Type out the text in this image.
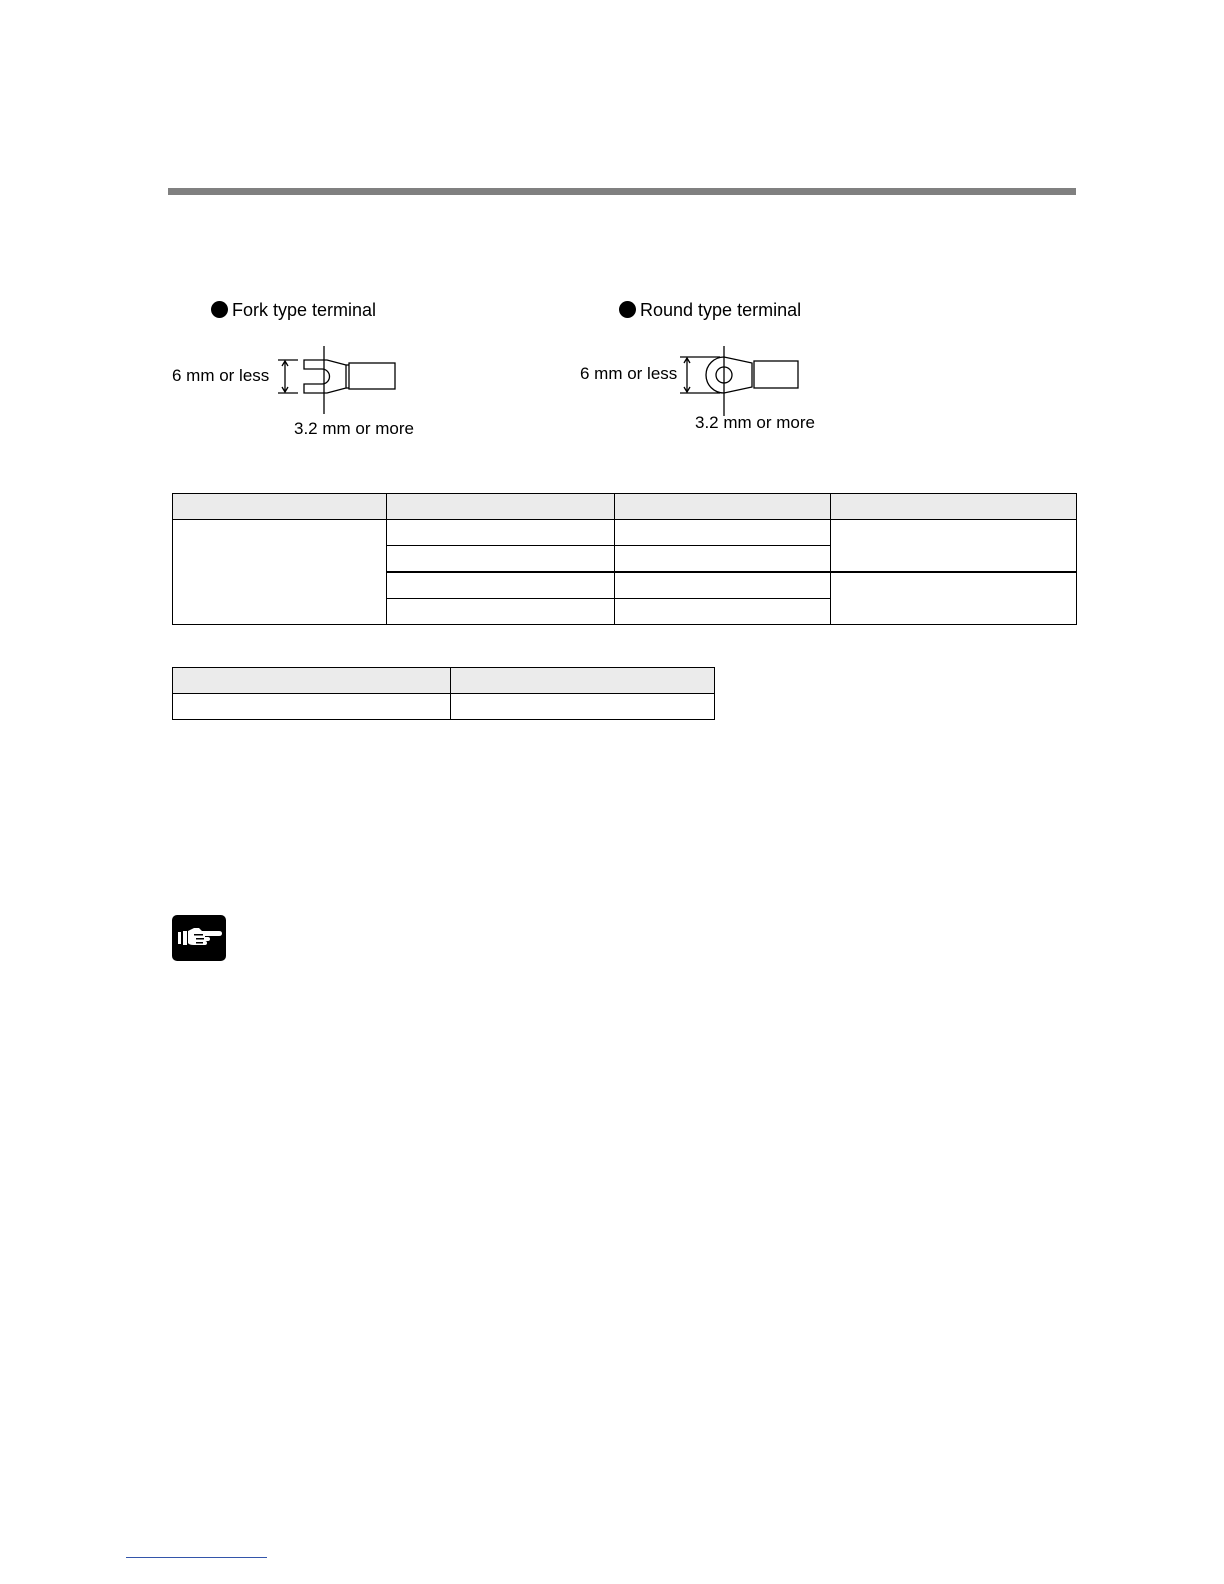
Fork type terminal
6 mm or less
3.2 mm or more
Round type terminal
6 mm or less
3.2 mm or more
